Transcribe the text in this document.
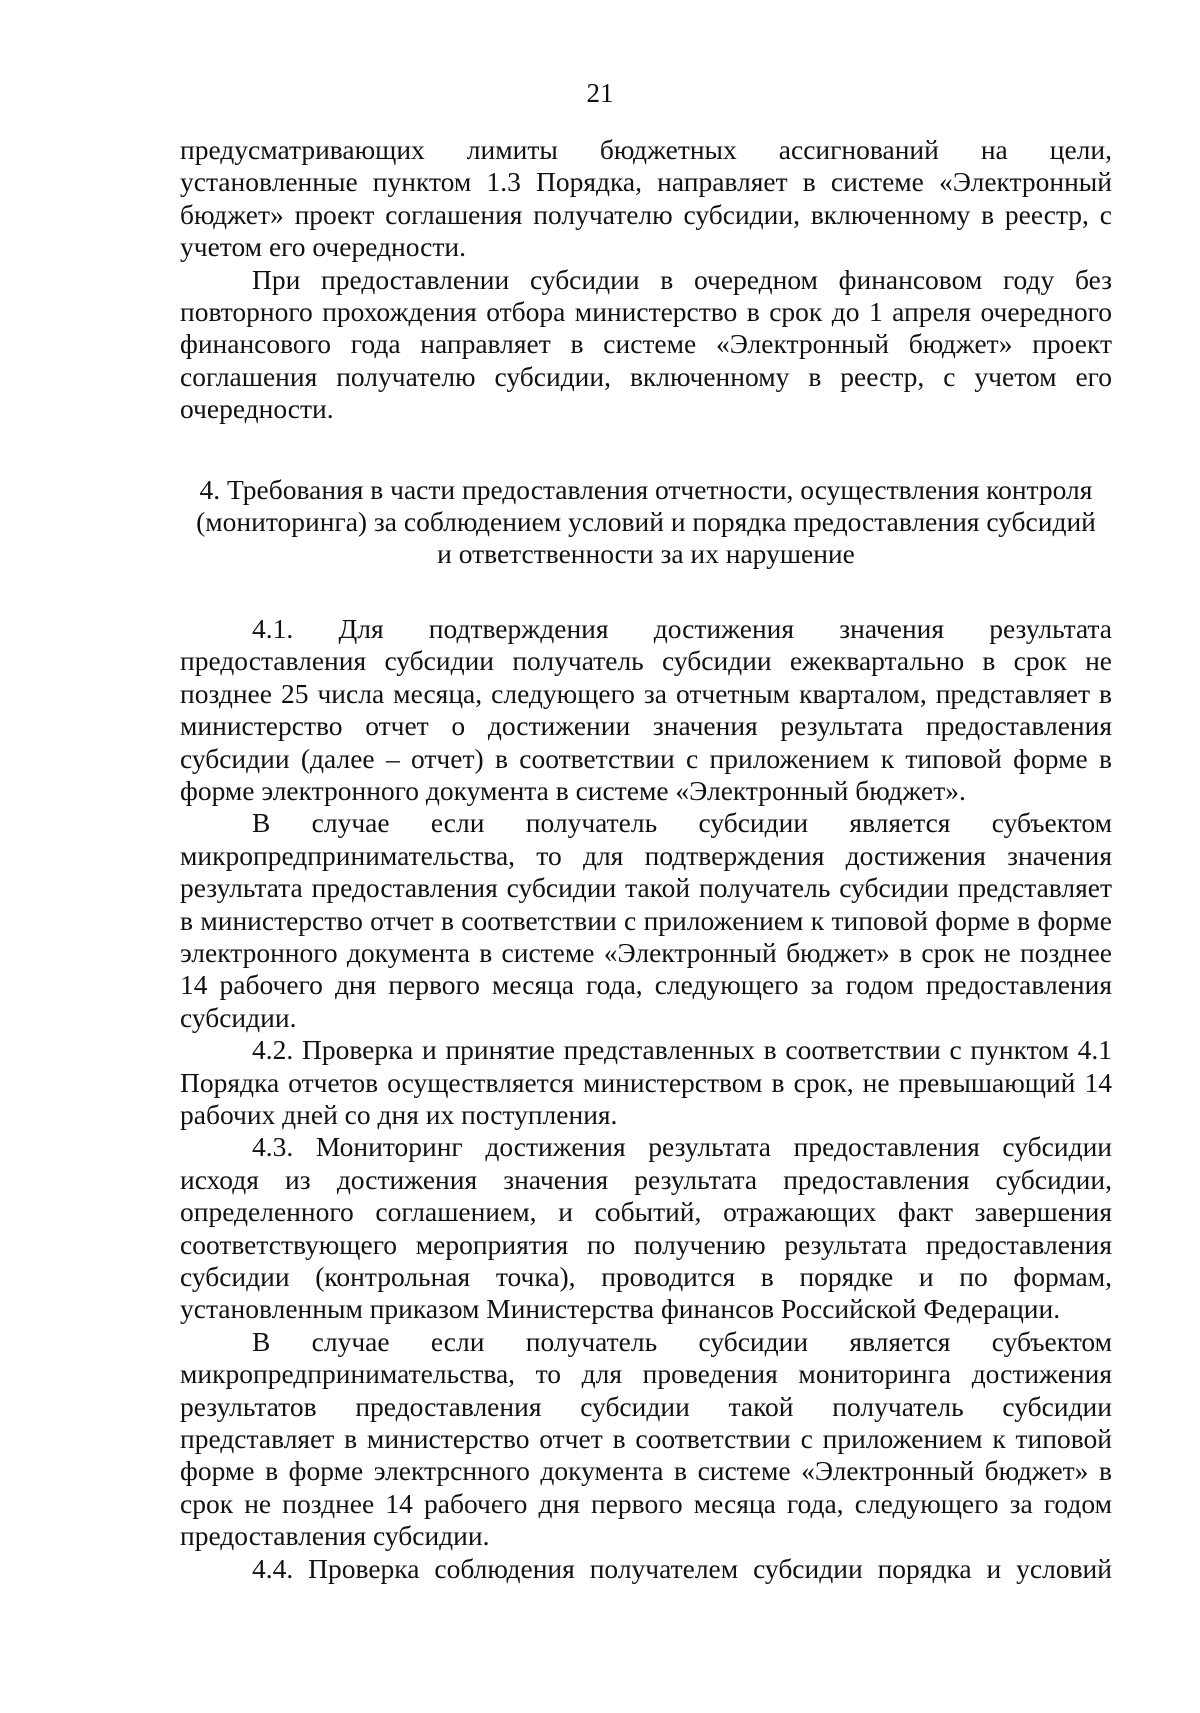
21

предусматривающих лимиты бюджетных ассигнований на цели, установленные пунктом 1.3 Порядка, направляет в системе «Электронный бюджет» проект соглашения получателю субсидии, включенному в реестр, с учетом его очередности.

При предоставлении субсидии в очередном финансовом году без повторного прохождения отбора министерство в срок до 1 апреля очередного финансового года направляет в системе «Электронный бюджет» проект соглашения получателю субсидии, включенному в реестр, с учетом его очередности.

4. Требования в части предоставления отчетности, осуществления контроля (мониторинга) за соблюдением условий и порядка предоставления субсидий и ответственности за их нарушение

4.1. Для подтверждения достижения значения результата предоставления субсидии получатель субсидии ежеквартально в срок не позднее 25 числа месяца, следующего за отчетным кварталом, представляет в министерство отчет о достижении значения результата предоставления субсидии (далее – отчет) в соответствии с приложением к типовой форме в форме электронного документа в системе «Электронный бюджет».

В случае если получатель субсидии является субъектом микропредпринимательства, то для подтверждения достижения значения результата предоставления субсидии такой получатель субсидии представляет в министерство отчет в соответствии с приложением к типовой форме в форме электронного документа в системе «Электронный бюджет» в срок не позднее 14 рабочего дня первого месяца года, следующего за годом предоставления субсидии.

4.2. Проверка и принятие представленных в соответствии с пунктом 4.1 Порядка отчетов осуществляется министерством в срок, не превышающий 14 рабочих дней со дня их поступления.

4.3. Мониторинг достижения результата предоставления субсидии исходя из достижения значения результата предоставления субсидии, определенного соглашением, и событий, отражающих факт завершения соответствующего мероприятия по получению результата предоставления субсидии (контрольная точка), проводится в порядке и по формам, установленным приказом Министерства финансов Российской Федерации.

В случае если получатель субсидии является субъектом микропредпринимательства, то для проведения мониторинга достижения результатов предоставления субсидии такой получатель субсидии представляет в министерство отчет в соответствии с приложением к типовой форме в форме электрснного документа в системе «Электронный бюджет» в срок не позднее 14 рабочего дня первого месяца года, следующего за годом предоставления субсидии.

4.4. Проверка соблюдения получателем субсидии порядка и условий
